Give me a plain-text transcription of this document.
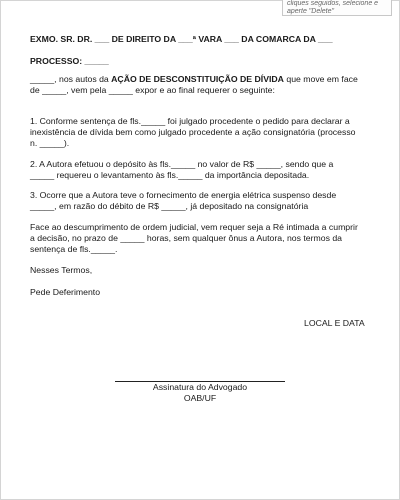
cliques seguidos, selecione e
aperte "Delete"
EXMO. SR. DR. ___ DE DIREITO DA ___ª VARA ___ DA COMARCA DA ___
PROCESSO: _____
_____, nos autos da AÇÃO DE DESCONSTITUIÇÃO DE DÍVIDA que move em face
de _____, vem pela _____ expor e ao final requerer o seguinte:
1. Conforme sentença de fls._____ foi julgado procedente o pedido para declarar a
inexistência de dívida bem como julgado procedente a ação consignatória (processo
n. _____).
2. A Autora efetuou o depósito às fls._____ no valor de R$ _____, sendo que a
_____ requereu o levantamento às fls._____ da importância depositada.
3. Ocorre que a Autora teve o fornecimento de energia elétrica suspenso desde
_____, em razão do débito de R$ _____, já depositado na consignatória
Face ao descumprimento de ordem judicial, vem requer seja a Ré intimada a cumprir
a decisão, no prazo de _____ horas, sem qualquer ônus a Autora, nos termos da
sentença de fls._____.
Nesses Termos,
Pede Deferimento
LOCAL E DATA
Assinatura do Advogado
OAB/UF
